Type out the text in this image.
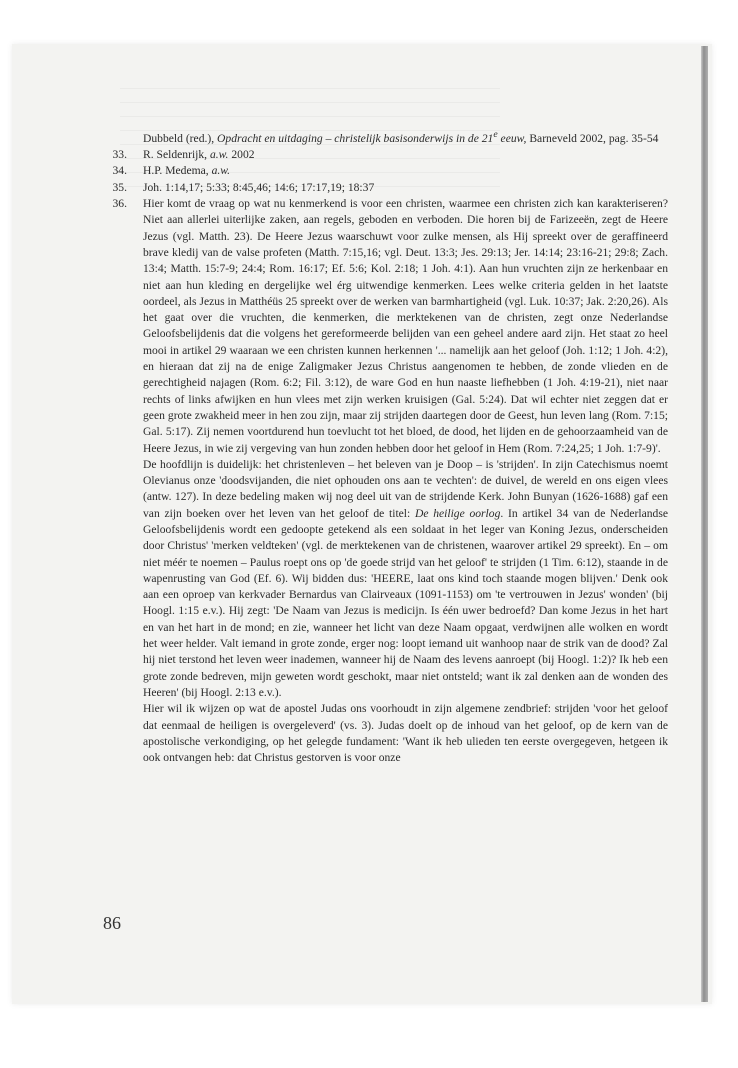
Dubbeld (red.), Opdracht en uitdaging – christelijk basisonderwijs in de 21e eeuw, Barneveld 2002, pag. 35-54
33. R. Seldenrijk, a.w. 2002
34. H.P. Medema, a.w.
35. Joh. 1:14,17; 5:33; 8:45,46; 14:6; 17:17,19; 18:37
36. Hier komt de vraag op wat nu kenmerkend is voor een christen, waarmee een christen zich kan karakteriseren? Niet aan allerlei uiterlijke zaken, aan regels, geboden en verboden. Die horen bij de Farizeeën, zegt de Heere Jezus (vgl. Matth. 23). De Heere Jezus waarschuwt voor zulke mensen, als Hij spreekt over de geraffineerd brave kledij van de valse profeten (Matth. 7:15,16; vgl. Deut. 13:3; Jes. 29:13; Jer. 14:14; 23:16-21; 29:8; Zach. 13:4; Matth. 15:7-9; 24:4; Rom. 16:17; Ef. 5:6; Kol. 2:18; 1 Joh. 4:1). Aan hun vruchten zijn ze herkenbaar en niet aan hun kleding en dergelijke wel érg uitwendige kenmerken. Lees welke criteria gelden in het laatste oordeel, als Jezus in Matthéüs 25 spreekt over de werken van barmhartigheid (vgl. Luk. 10:37; Jak. 2:20,26). Als het gaat over die vruchten, die kenmerken, die merktekenen van de christen, zegt onze Nederlandse Geloofsbelijdenis dat die volgens het gereformeerde belijden van een geheel andere aard zijn. Het staat zo heel mooi in artikel 29 waaraan we een christen kunnen herkennen '... namelijk aan het geloof (Joh. 1:12; 1 Joh. 4:2), en hieraan dat zij na de enige Zaligmaker Jezus Christus aangenomen te hebben, de zonde vlieden en de gerechtigheid najagen (Rom. 6:2; Fil. 3:12), de ware God en hun naaste liefhebben (1 Joh. 4:19-21), niet naar rechts of links afwijken en hun vlees met zijn werken kruisigen (Gal. 5:24). Dat wil echter niet zeggen dat er geen grote zwakheid meer in hen zou zijn, maar zij strijden daartegen door de Geest, hun leven lang (Rom. 7:15; Gal. 5:17). Zij nemen voortdurend hun toevlucht tot het bloed, de dood, het lijden en de gehoorzaamheid van de Heere Jezus, in wie zij vergeving van hun zonden hebben door het geloof in Hem (Rom. 7:24,25; 1 Joh. 1:7-9)'.
De hoofdlijn is duidelijk: het christenleven – het beleven van je Doop – is 'strijden'. In zijn Catechismus noemt Olevianus onze 'doodsvijanden, die niet ophouden ons aan te vechten': de duivel, de wereld en ons eigen vlees (antw. 127). In deze bedeling maken wij nog deel uit van de strijdende Kerk. John Bunyan (1626-1688) gaf een van zijn boeken over het leven van het geloof de titel: De heilige oorlog. In artikel 34 van de Nederlandse Geloofsbelijdenis wordt een gedoopte getekend als een soldaat in het leger van Koning Jezus, onderscheiden door Christus' 'merken veldteken' (vgl. de merktekenen van de christenen, waarover artikel 29 spreekt). En – om niet méér te noemen – Paulus roept ons op 'de goede strijd van het geloof' te strijden (1 Tim. 6:12), staande in de wapenrusting van God (Ef. 6). Wij bidden dus: 'HEERE, laat ons kind toch staande mogen blijven.' Denk ook aan een oproep van kerkvader Bernardus van Clairveaux (1091-1153) om 'te vertrouwen in Jezus' wonden' (bij Hoogl. 1:15 e.v.). Hij zegt: 'De Naam van Jezus is medicijn. Is één uwer bedroefd? Dan kome Jezus in het hart en van het hart in de mond; en zie, wanneer het licht van deze Naam opgaat, verdwijnen alle wolken en wordt het weer helder. Valt iemand in grote zonde, erger nog: loopt iemand uit wanhoop naar de strik van de dood? Zal hij niet terstond het leven weer inademen, wanneer hij de Naam des levens aanroept (bij Hoogl. 1:2)? Ik heb een grote zonde bedreven, mijn geweten wordt geschokt, maar niet ontsteld; want ik zal denken aan de wonden des Heeren' (bij Hoogl. 2:13 e.v.).
Hier wil ik wijzen op wat de apostel Judas ons voorhoudt in zijn algemene zendbrief: strijden 'voor het geloof dat eenmaal de heiligen is overgeleverd' (vs. 3). Judas doelt op de inhoud van het geloof, op de kern van de apostolische verkondiging, op het gelegde fundament: 'Want ik heb ulieden ten eerste overgegeven, hetgeen ik ook ontvangen heb: dat Christus gestorven is voor onze
86
